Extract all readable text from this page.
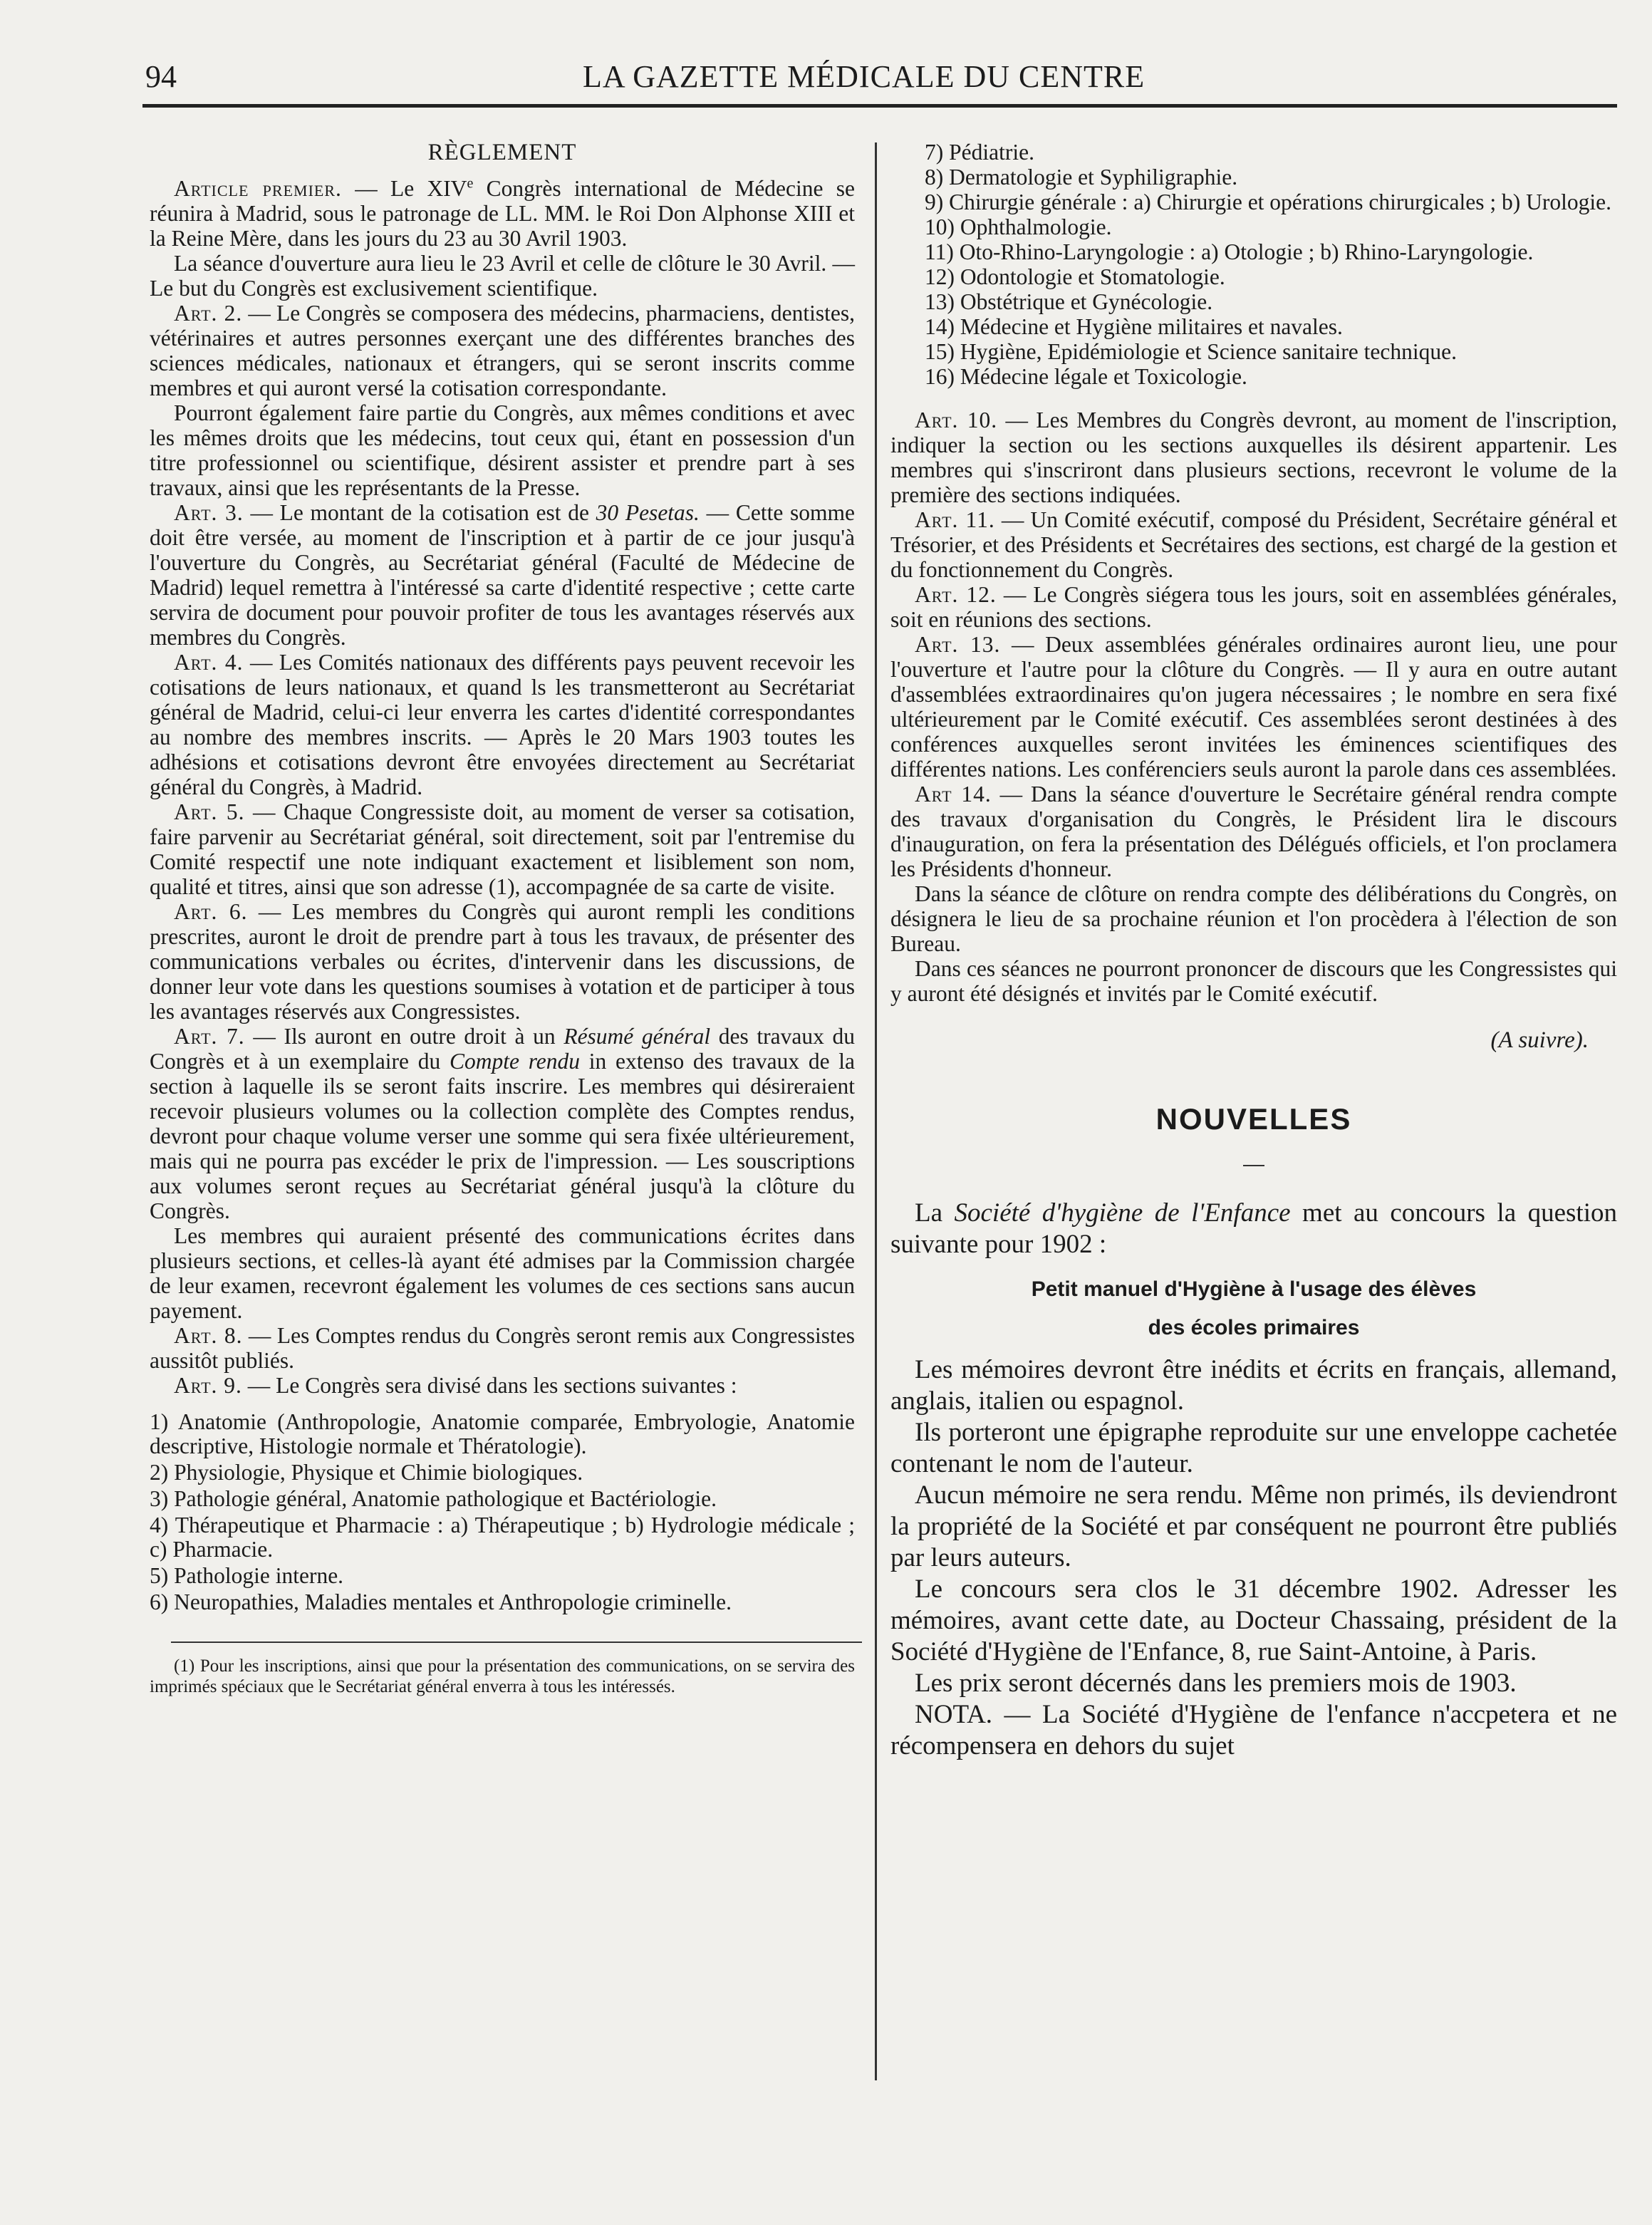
94	LA GAZETTE MÉDICALE DU CENTRE
RÈGLEMENT

Article premier. — Le XIVe Congrès international de Médecine se réunira à Madrid, sous le patronage de LL. MM. le Roi Don Alphonse XIII et la Reine Mère, dans les jours du 23 au 30 Avril 1903.

La séance d'ouverture aura lieu le 23 Avril et celle de clôture le 30 Avril. — Le but du Congrès est exclusivement scientifique.

Art. 2. — Le Congrès se composera des médecins, pharmaciens, dentistes, vétérinaires et autres personnes exerçant une des différentes branches des sciences médicales, nationaux et étrangers, qui se seront inscrits comme membres et qui auront versé la cotisation correspondante.

Pourront également faire partie du Congrès, aux mêmes conditions et avec les mêmes droits que les médecins, tout ceux qui, étant en possession d'un titre professionnel ou scientifique, désirent assister et prendre part à ses travaux, ainsi que les représentants de la Presse.

Art. 3. — Le montant de la cotisation est de 30 Pesetas. — Cette somme doit être versée, au moment de l'inscription et à partir de ce jour jusqu'à l'ouverture du Congrès, au Secrétariat général (Faculté de Médecine de Madrid) lequel remettra à l'intéressé sa carte d'identité respective ; cette carte servira de document pour pouvoir profiter de tous les avantages réservés aux membres du Congrès.

Art. 4. — Les Comités nationaux des différents pays peuvent recevoir les cotisations de leurs nationaux, et quand ls les transmetteront au Secrétariat général de Madrid, celui-ci leur enverra les cartes d'identité correspondantes au nombre des membres inscrits. — Après le 20 Mars 1903 toutes les adhésions et cotisations devront être envoyées directement au Secrétariat général du Congrès, à Madrid.

Art. 5. — Chaque Congressiste doit, au moment de verser sa cotisation, faire parvenir au Secrétariat général, soit directement, soit par l'entremise du Comité respectif une note indiquant exactement et lisiblement son nom, qualité et titres, ainsi que son adresse (1), accompagnée de sa carte de visite.

Art. 6. — Les membres du Congrès qui auront rempli les conditions prescrites, auront le droit de prendre part à tous les travaux, de présenter des communications verbales ou écrites, d'intervenir dans les discussions, de donner leur vote dans les questions soumises à votation et de participer à tous les avantages réservés aux Congressistes.

Art. 7. — Ils auront en outre droit à un Résumé général des travaux du Congrès et à un exemplaire du Compte rendu in extenso des travaux de la section à laquelle ils se seront faits inscrire. Les membres qui désireraient recevoir plusieurs volumes ou la collection complète des Comptes rendus, devront pour chaque volume verser une somme qui sera fixée ultérieurement, mais qui ne pourra pas excéder le prix de l'impression. — Les souscriptions aux volumes seront reçues au Secrétariat général jusqu'à la clôture du Congrès.

Les membres qui auraient présenté des communications écrites dans plusieurs sections, et celles-là ayant été admises par la Commission chargée de leur examen, recevront également les volumes de ces sections sans aucun payement.

Art. 8. — Les Comptes rendus du Congrès seront remis aux Congressistes aussitôt publiés.

Art. 9. — Le Congrès sera divisé dans les sections suivantes :

1) Anatomie (Anthropologie, Anatomie comparée, Embryologie, Anatomie descriptive, Histologie normale et Thératologie).

2) Physiologie, Physique et Chimie biologiques.

3) Pathologie général, Anatomie pathologique et Bactériologie.

4) Thérapeutique et Pharmacie : a) Thérapeutique ; b) Hydrologie médicale ; c) Pharmacie.

5) Pathologie interne.

6) Neuropathies, Maladies mentales et Anthropologie criminelle.

(1) Pour les inscriptions, ainsi que pour la présentation des communications, on se servira des imprimés spéciaux que le Secrétariat général enverra à tous les intéressés.

7) Pédiatrie.

8) Dermatologie et Syphiligraphie.

9) Chirurgie générale : a) Chirurgie et opérations chirurgicales ; b) Urologie.

10) Ophthalmologie.

11) Oto-Rhino-Laryngologie : a) Otologie ; b) Rhino-Laryngologie.

12) Odontologie et Stomatologie.

13) Obstétrique et Gynécologie.

14) Médecine et Hygiène militaires et navales.

15) Hygiène, Epidémiologie et Science sanitaire technique.

16) Médecine légale et Toxicologie.

Art. 10. — Les Membres du Congrès devront, au moment de l'inscription, indiquer la section ou les sections auxquelles ils désirent appartenir. Les membres qui s'inscriront dans plusieurs sections, recevront le volume de la première des sections indiquées.

Art. 11. — Un Comité exécutif, composé du Président, Secrétaire général et Trésorier, et des Présidents et Secrétaires des sections, est chargé de la gestion et du fonctionnement du Congrès.

Art. 12. — Le Congrès siégera tous les jours, soit en assemblées générales, soit en réunions des sections.

Art. 13. — Deux assemblées générales ordinaires auront lieu, une pour l'ouverture et l'autre pour la clôture du Congrès. — Il y aura en outre autant d'assemblées extraordinaires qu'on jugera nécessaires ; le nombre en sera fixé ultérieurement par le Comité exécutif. Ces assemblées seront destinées à des conférences auxquelles seront invitées les éminences scientifiques des différentes nations. Les conférenciers seuls auront la parole dans ces assemblées.

Art 14. — Dans la séance d'ouverture le Secrétaire général rendra compte des travaux d'organisation du Congrès, le Président lira le discours d'inauguration, on fera la présentation des Délégués officiels, et l'on proclamera les Présidents d'honneur.

Dans la séance de clôture on rendra compte des délibérations du Congrès, on désignera le lieu de sa prochaine réunion et l'on procèdera à l'élection de son Bureau.

Dans ces séances ne pourront prononcer de discours que les Congressistes qui y auront été désignés et invités par le Comité exécutif.

(A suivre).
NOUVELLES

La Société d'hygiène de l'Enfance met au concours la question suivante pour 1902 :

Petit manuel d'Hygiène à l'usage des élèves
des écoles primaires

Les mémoires devront être inédits et écrits en français, allemand, anglais, italien ou espagnol.

Ils porteront une épigraphe reproduite sur une enveloppe cachetée contenant le nom de l'auteur.

Aucun mémoire ne sera rendu. Même non primés, ils deviendront la propriété de la Société et par conséquent ne pourront être publiés par leurs auteurs.

Le concours sera clos le 31 décembre 1902. Adresser les mémoires, avant cette date, au Docteur Chassaing, président de la Société d'Hygiène de l'Enfance, 8, rue Saint-Antoine, à Paris.

Les prix seront décernés dans les premiers mois de 1903.

NOTA. — La Société d'Hygiène de l'enfance n'accpetera et ne récompensera en dehors du sujet
